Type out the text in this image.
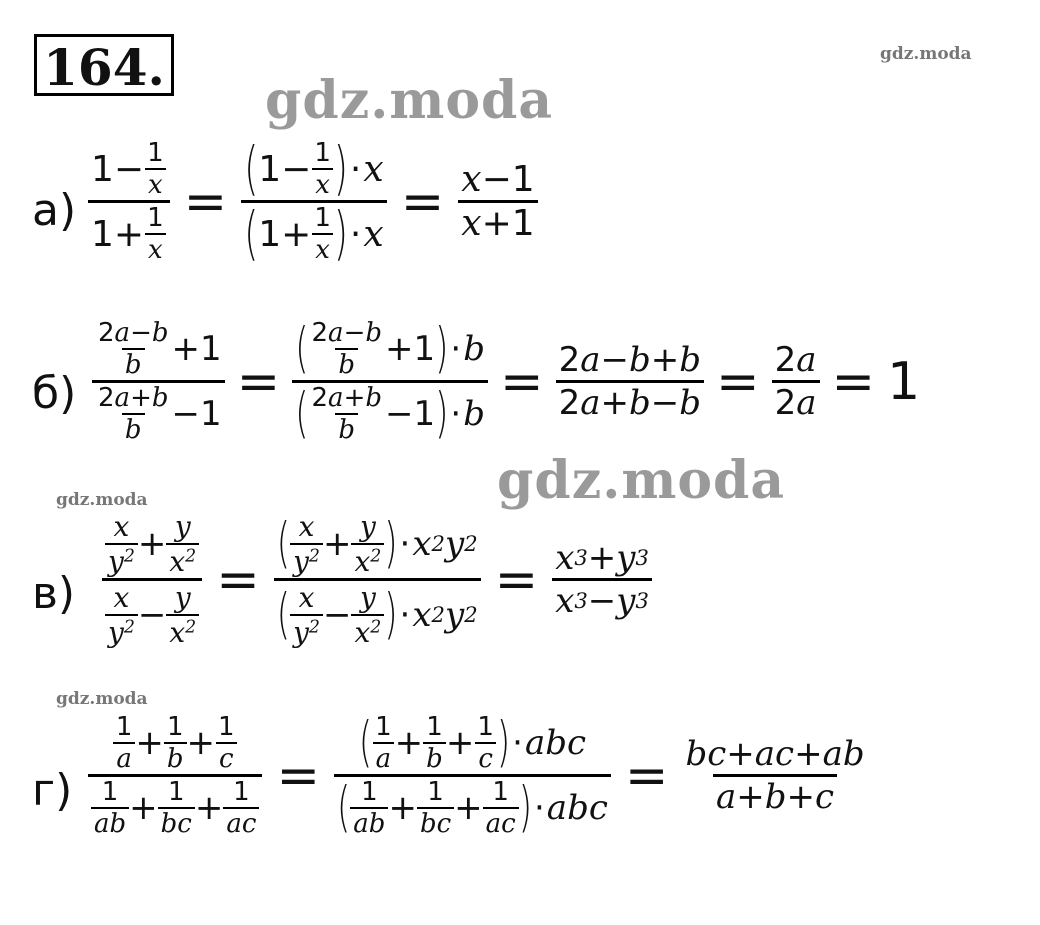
164.	gdz.moda
gdz.moda
gdz.moda
gdz.moda
gdz.moda
$а) \frac{1 - \frac{1}{x}}{1 + \frac{1}{x}} = \frac{( 1 - \frac{1}{x} ) \cdot x}{( 1 + \frac{1}{x} ) \cdot x} = \frac{x - 1}{x + 1}$
$б) \frac{\frac{2 a - b}{b} + 1}{\frac{2 a + b}{b} - 1} = \frac{( \frac{2 a - b}{b} + 1 ) \cdot b}{( \frac{2 a + b}{b} - 1 ) \cdot b} = \frac{2 a - b + b}{2 a + b - b} = \frac{2 a}{2 a} = 1$
$в) \frac{\frac{x}{y^2} + \frac{y}{x^2}}{\frac{x}{y^2} - \frac{y}{x^2}} = \frac{( \frac{x}{y^2} + \frac{y}{x^2} ) \cdot x 2 y 2}{( \frac{x}{y^2} - \frac{y}{x^2} ) \cdot x 2 y 2} = \frac{x 3 + y 3}{x 3 - y 3}$
$г) \frac{\frac{1}{a} + \frac{1}{b} + \frac{1}{c}}{\frac{1}{ab} + \frac{1}{bc} + \frac{1}{ac}} = \frac{( \frac{1}{a} + \frac{1}{b} + \frac{1}{c} ) \cdot abc}{( \frac{1}{ab} + \frac{1}{bc} + \frac{1}{ac} ) \cdot abc} = \frac{bc + ac + ab}{a + b + c}$
